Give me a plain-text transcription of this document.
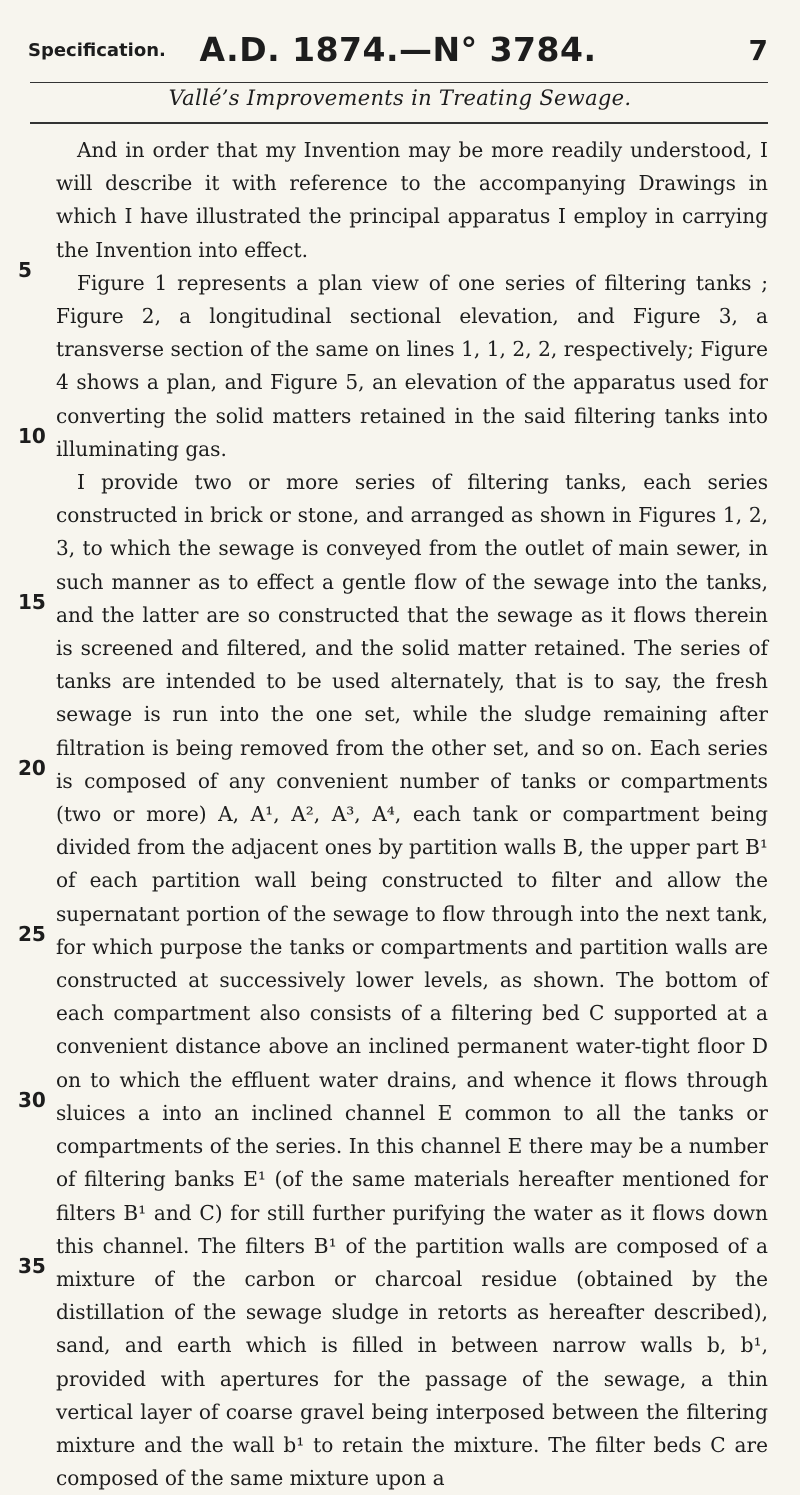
Specification.	A.D. 1874.—N° 3784.	7
Vallé’s Improvements in Treating Sewage.
5
10
15
20
25
30
35

And in order that my Invention may be more readily understood, I will describe it with reference to the accompanying Drawings in which I have illustrated the principal apparatus I employ in carrying the Invention into effect.

Figure 1 represents a plan view of one series of filtering tanks ; Figure 2, a longitudinal sectional elevation, and Figure 3, a transverse section of the same on lines 1, 1, 2, 2, respectively; Figure 4 shows a plan, and Figure 5, an elevation of the apparatus used for converting the solid matters retained in the said filtering tanks into illuminating gas.

I provide two or more series of filtering tanks, each series constructed in brick or stone, and arranged as shown in Figures 1, 2, 3, to which the sewage is conveyed from the outlet of main sewer, in such manner as to effect a gentle flow of the sewage into the tanks, and the latter are so constructed that the sewage as it flows therein is screened and filtered, and the solid matter retained. The series of tanks are intended to be used alternately, that is to say, the fresh sewage is run into the one set, while the sludge remaining after filtration is being removed from the other set, and so on. Each series is composed of any convenient number of tanks or compartments (two or more) A, A¹, A², A³, A⁴, each tank or compartment being divided from the adjacent ones by partition walls B, the upper part B¹ of each partition wall being constructed to filter and allow the supernatant portion of the sewage to flow through into the next tank, for which purpose the tanks or compartments and partition walls are constructed at successively lower levels, as shown. The bottom of each compartment also consists of a filtering bed C supported at a convenient distance above an inclined permanent water-tight floor D on to which the effluent water drains, and whence it flows through sluices a into an inclined channel E common to all the tanks or compartments of the series. In this channel E there may be a number of filtering banks E¹ (of the same materials hereafter mentioned for filters B¹ and C) for still further purifying the water as it flows down this channel. The filters B¹ of the partition walls are composed of a mixture of the carbon or charcoal residue (obtained by the distillation of the sewage sludge in retorts as hereafter described), sand, and earth which is filled in between narrow walls b, b¹, provided with apertures for the passage of the sewage, a thin vertical layer of coarse gravel being interposed between the filtering mixture and the wall b¹ to retain the mixture. The filter beds C are composed of the same mixture upon a
